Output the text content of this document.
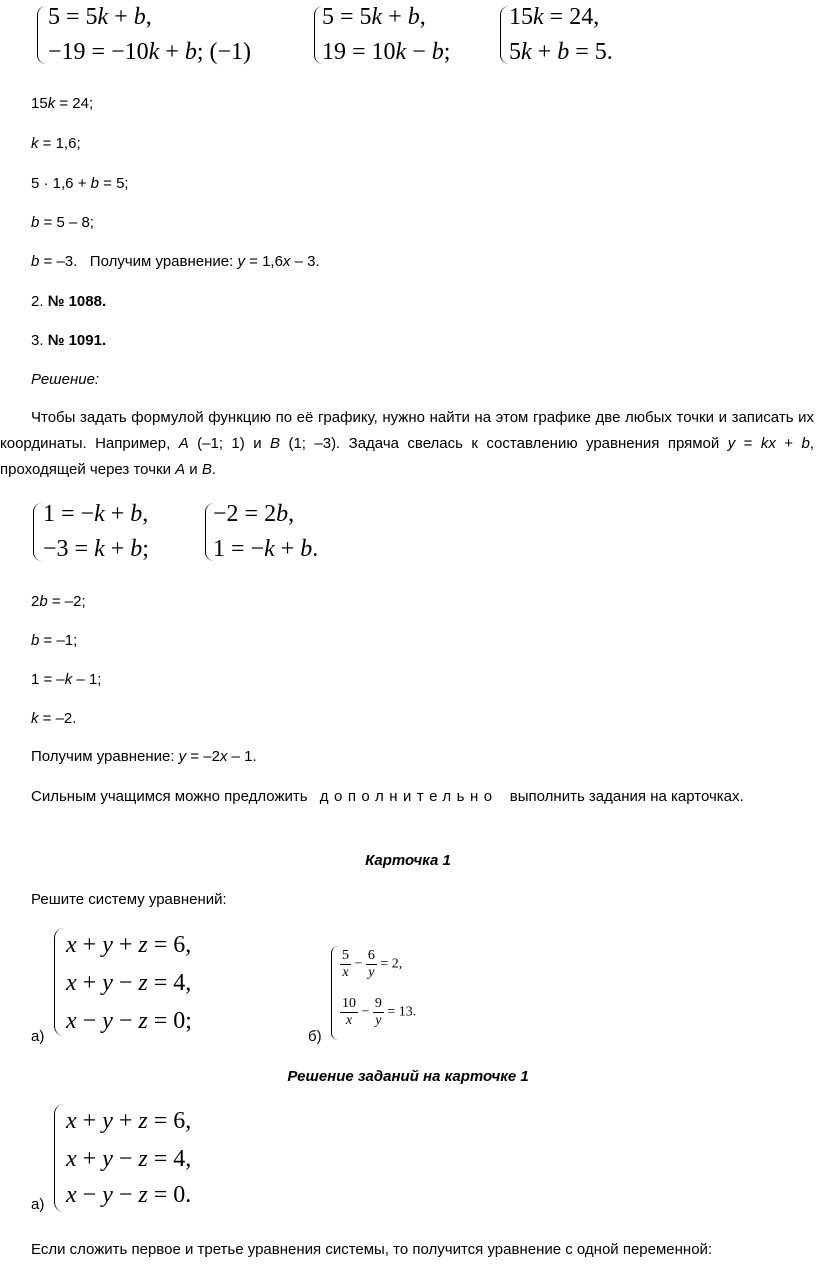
5 = 5k + b,
−19 = −10k + b; (−1)
5 = 5k + b,
19 = 10k − b;
15k = 24,
5k + b = 5.
15k = 24;
k = 1,6;
5 · 1,6 + b = 5;
b = 5 – 8;
b = –3.   Получим уравнение: y = 1,6x – 3.
2. № 1088.
3. № 1091.
Решение:
Чтобы задать формулой функцию по её графику, нужно найти на этом графике две любых точки и записать их координаты. Например, A (–1; 1) и B (1; –3). Задача свелась к составлению уравнения прямой y = kx + b, проходящей через точки A и B.
1 = −k + b,
−3 = k + b;
−2 = 2b,
1 = −k + b.
2b = –2;
b = –1;
1 = –k – 1;
k = –2.
Получим уравнение: y = –2x – 1.
Сильным учащимся можно предложить дополнительно выполнить задания на карточках.
Карточка 1
Решите систему уравнений:
x + y + z = 6,
x + y − z = 4,
x − y − z = 0;
а)
$\frac{5}{x} - \frac{6}{y} = 2$,
$\frac{10}{x} - \frac{9}{y} = 13$.
б)
Решение заданий на карточке 1
x + y + z = 6,
x + y − z = 4,
x − y − z = 0.
а)
Если сложить первое и третье уравнения системы, то получится уравнение с одной переменной:
